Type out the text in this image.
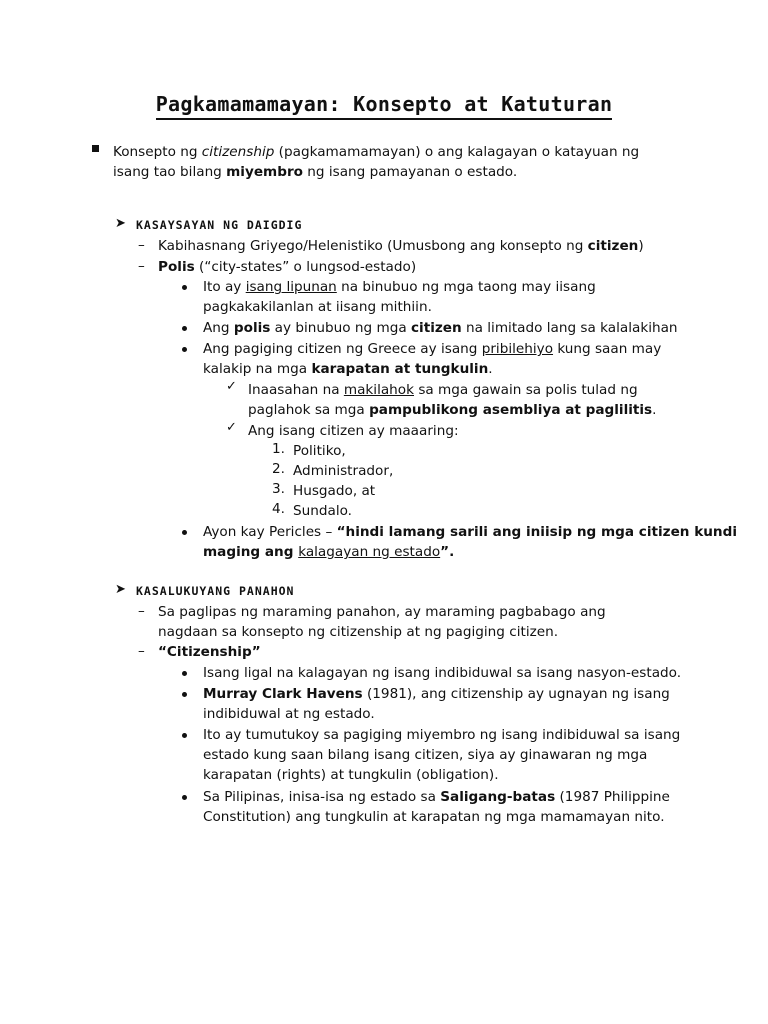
Pagkamamamayan: Konsepto at Katuturan
Konsepto ng citizenship (pagkamamamayan) o ang kalagayan o katayuan ng
isang tao bilang miyembro ng isang pamayanan o estado.
➤ KASAYSAYAN NG DAIGDIG
– Kabihasnang Griyego/Helenistiko (Umusbong ang konsepto ng citizen)
– Polis (“city-states” o lungsod-estado)
Ito ay isang lipunan na binubuo ng mga taong may iisang
pagkakakilanlan at iisang mithiin.
Ang polis ay binubuo ng mga citizen na limitado lang sa kalalakihan
Ang pagiging citizen ng Greece ay isang pribilehiyo kung saan may
kalakip na mga karapatan at tungkulin.
✓ Inaasahan na makilahok sa mga gawain sa polis tulad ng
paglahok sa mga pampublikong asembliya at paglilitis.
✓ Ang isang citizen ay maaaring:
1. Politiko,
2. Administrador,
3. Husgado, at
4. Sundalo.
Ayon kay Pericles – “hindi lamang sarili ang iniisip ng mga citizen kundi
maging ang kalagayan ng estado”.
➤ KASALUKUYANG PANAHON
– Sa paglipas ng maraming panahon, ay maraming pagbabago ang
nagdaan sa konsepto ng citizenship at ng pagiging citizen.
– “Citizenship”
Isang ligal na kalagayan ng isang indibiduwal sa isang nasyon-estado.
Murray Clark Havens (1981), ang citizenship ay ugnayan ng isang
indibiduwal at ng estado.
Ito ay tumutukoy sa pagiging miyembro ng isang indibiduwal sa isang
estado kung saan bilang isang citizen, siya ay ginawaran ng mga
karapatan (rights) at tungkulin (obligation).
Sa Pilipinas, inisa-isa ng estado sa Saligang-batas (1987 Philippine
Constitution) ang tungkulin at karapatan ng mga mamamayan nito.
